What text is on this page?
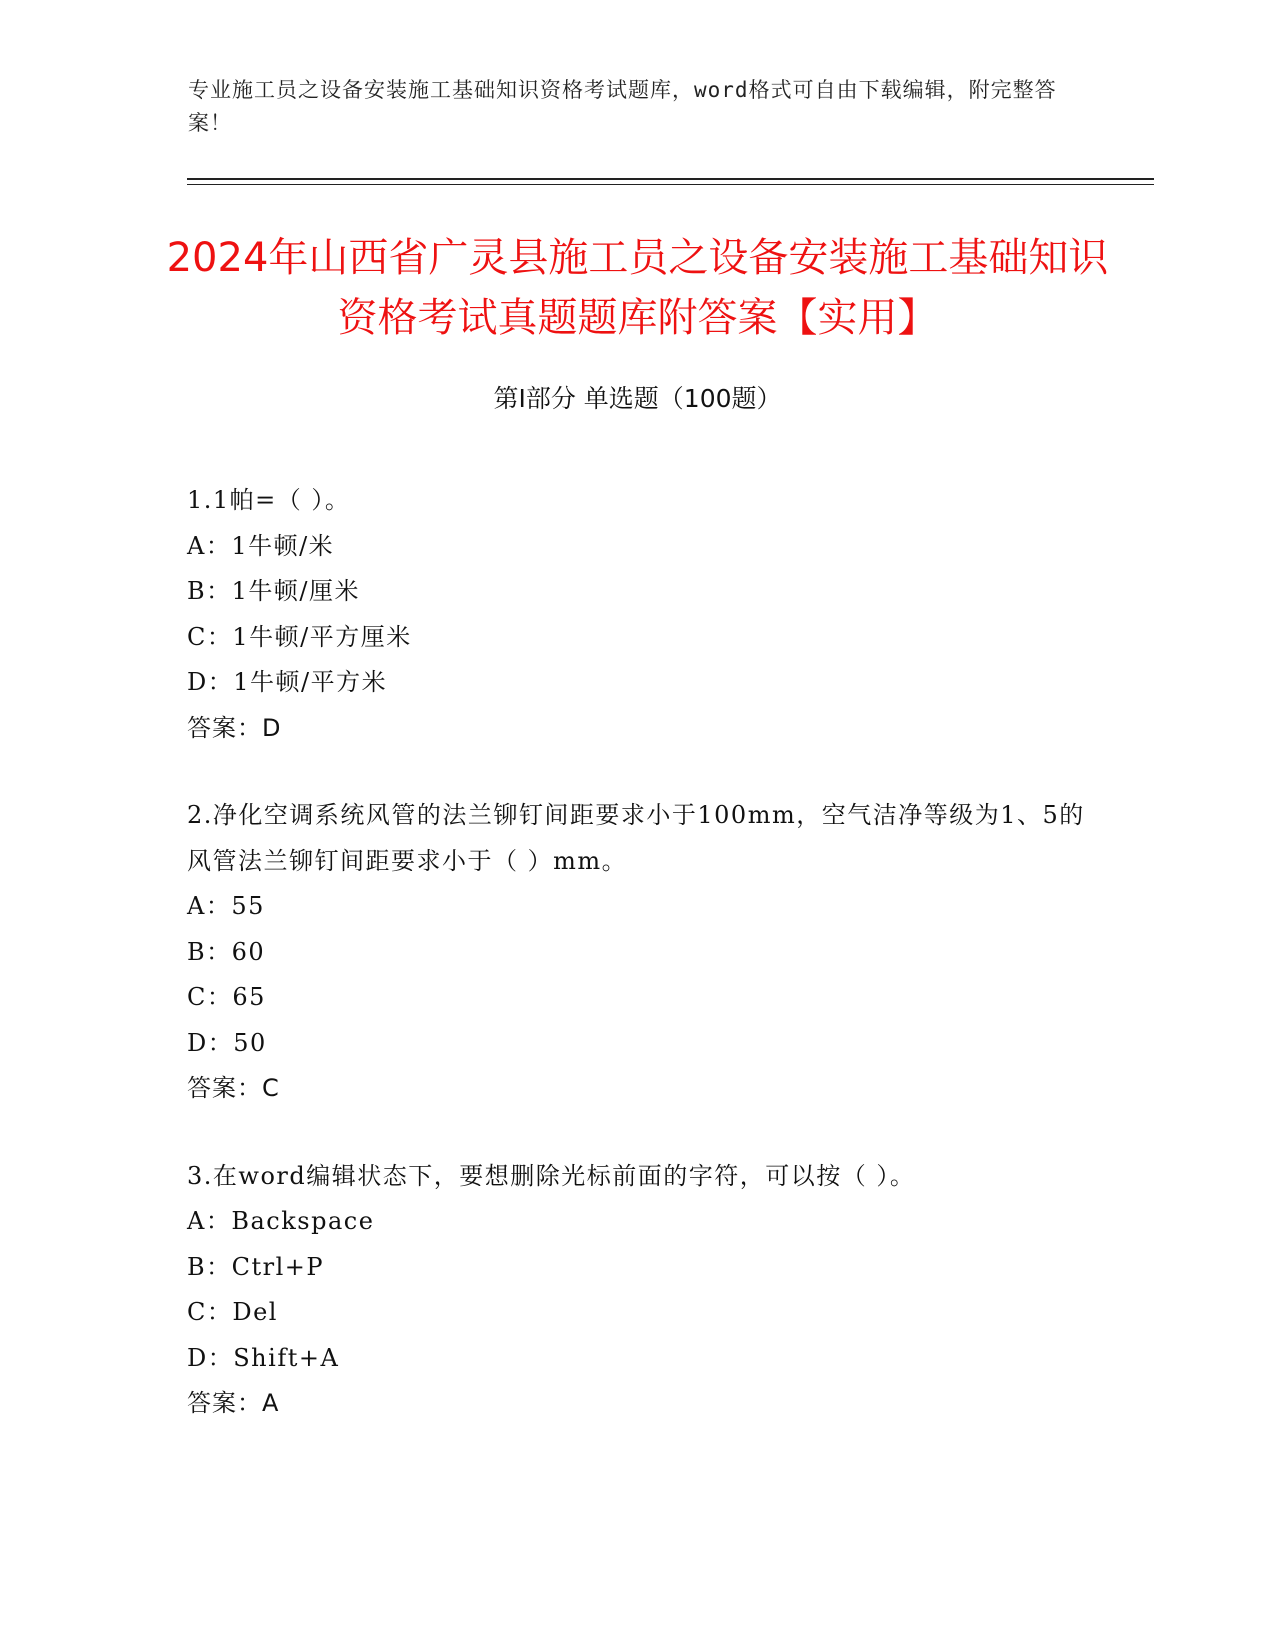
专业施工员之设备安装施工基础知识资格考试题库，word格式可自由下载编辑，附完整答案！
2024年山西省广灵县施工员之设备安装施工基础知识资格考试真题题库附答案【实用】
第I部分 单选题（100题）
1.1帕=（ ）。
A：1牛顿/米
B：1牛顿/厘米
C：1牛顿/平方厘米
D：1牛顿/平方米
答案：D
2.净化空调系统风管的法兰铆钉间距要求小于100mm，空气洁净等级为1、5的风管法兰铆钉间距要求小于（ ）mm。
A：55
B：60
C：65
D：50
答案：C
3.在word编辑状态下，要想删除光标前面的字符，可以按（ ）。
A：Backspace
B：Ctrl+P
C：Del
D：Shift+A
答案：A
